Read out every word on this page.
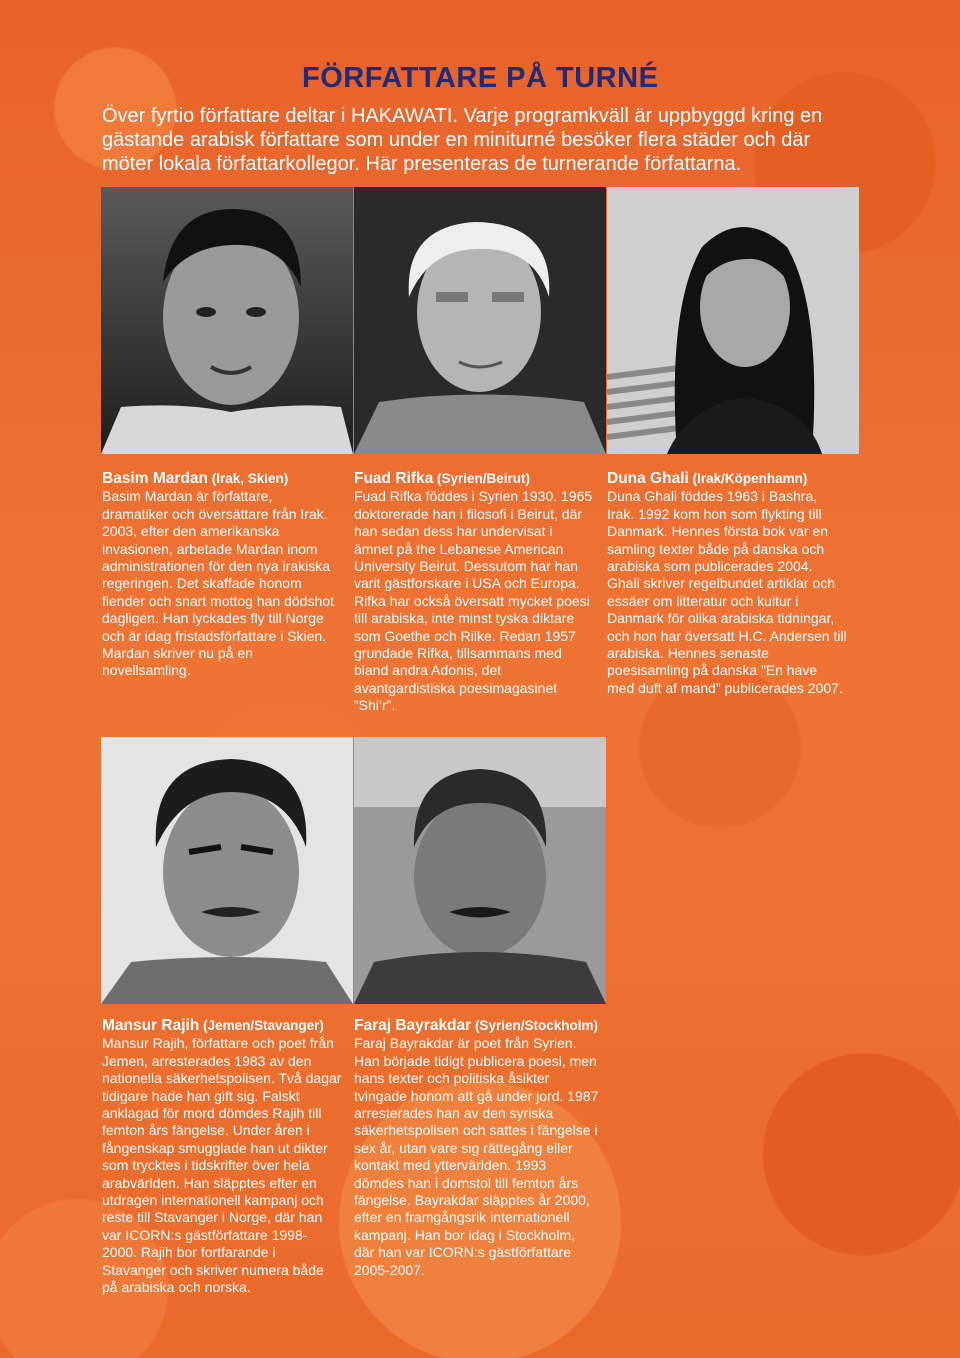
FÖRFATTARE PÅ TURNÉ
Över fyrtio författare deltar i HAKAWATI. Varje programkväll är uppbyggd kring en gästande arabisk författare som under en miniturné besöker flera städer och där möter lokala författarkollegor. Här presenteras de turnerande författarna.

Basim Mardan (Irak, Skien)

Basim Mardan är författare, dramatiker och översättare från Irak. 2003, efter den amerikanska invasionen, arbetade Mardan inom administrationen för den nya irakiska regeringen. Det skaffade honom fiender och snart mottog han dödshot dagligen. Han lyckades fly till Norge och är idag fristadsförfattare i Skien. Mardan skriver nu på en novellsamling.

Fuad Rifka (Syrien/Beirut)

Fuad Rifka föddes i Syrien 1930. 1965 doktorerade han i filosofi i Beirut, där han sedan dess har undervisat i ämnet på the Lebanese American University Beirut. Dessutom har han varit gästforskare i USA och Europa. Rifka har också översatt mycket poesi till arabiska, inte minst tyska diktare som Goethe och Rilke. Redan 1957 grundade Rifka, tillsammans med bland andra Adonis, det avantgardistiska poesimagasinet ”Shi’r”.

Duna Ghali (Irak/Köpenhamn)

Duna Ghali föddes 1963 i Bashra, Irak. 1992 kom hon som flykting till Danmark. Hennes första bok var en samling texter både på danska och arabiska som publicerades 2004. Ghali skriver regelbundet artiklar och essäer om litteratur och kultur i Danmark för olika arabiska tidningar, och hon har översatt H.C. Andersen till arabiska. Hennes senaste poesisamling på danska ”En have med duft af mand” publicerades 2007.

Mansur Rajih (Jemen/Stavanger)

Mansur Rajih, författare och poet från Jemen, arresterades 1983 av den nationella säkerhetspolisen. Två dagar tidigare hade han gift sig. Falskt anklagad för mord dömdes Rajih till femton års fängelse. Under åren i fångenskap smugglade han ut dikter som trycktes i tidskrifter över hela arabvärlden. Han släpptes efter en utdragen internationell kampanj och reste till Stavanger i Norge, där han var ICORN:s gästförfattare 1998-2000. Rajih bor fortfarande i Stavanger och skriver numera både på arabiska och norska.

Faraj Bayrakdar (Syrien/Stockholm)

Faraj Bayrakdar är poet från Syrien. Han började tidigt publicera poesi, men hans texter och politiska åsikter tvingade honom att gå under jord. 1987 arresterades han av den syriska säkerhetspolisen och sattes i fängelse i sex år, utan vare sig rättegång eller kontakt med yttervärlden. 1993 dömdes han i domstol till femton års fängelse. Bayrakdar släpptes år 2000, efter en framgångsrik internationell kampanj. Han bor idag i Stockholm, där han var ICORN:s gästförfattare 2005-2007.
